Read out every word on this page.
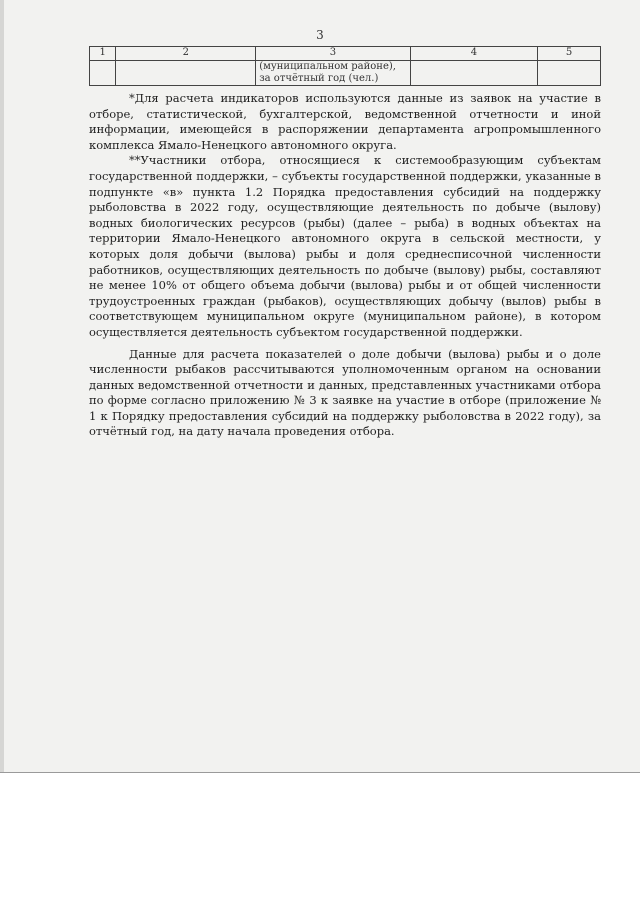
3
1	2	3	4	5
		(муниципальном районе), за отчётный год (чел.)		

*Для расчета индикаторов используются данные из заявок на участие в отборе, статистической, бухгалтерской, ведомственной отчетности и иной информации, имеющейся в распоряжении департамента агропромышленного комплекса Ямало-Ненецкого автономного округа.

**Участники отбора, относящиеся к системообразующим субъектам государственной поддержки, – субъекты государственной поддержки, указанные в подпункте «в» пункта 1.2 Порядка предоставления субсидий на поддержку рыболовства в 2022 году, осуществляющие деятельность по добыче (вылову) водных биологических ресурсов (рыбы) (далее – рыба) в водных объектах на территории Ямало-Ненецкого автономного округа в сельской местности, у которых доля добычи (вылова) рыбы и доля среднесписочной численности работников, осуществляющих деятельность по добыче (вылову) рыбы, составляют не менее 10% от общего объема добычи (вылова) рыбы и от общей численности трудоустроенных граждан (рыбаков), осуществляющих добычу (вылов) рыбы в соответствующем муниципальном округе (муниципальном районе), в котором осуществляется деятельность субъектом государственной поддержки.

Данные для расчета показателей о доле добычи (вылова) рыбы и о доле численности рыбаков рассчитываются уполномоченным органом на основании данных ведомственной отчетности и данных, представленных участниками отбора по форме согласно приложению № 3 к заявке на участие в отборе (приложение № 1 к Порядку предоставления субсидий на поддержку рыболовства в 2022 году), за отчётный год, на дату начала проведения отбора.
